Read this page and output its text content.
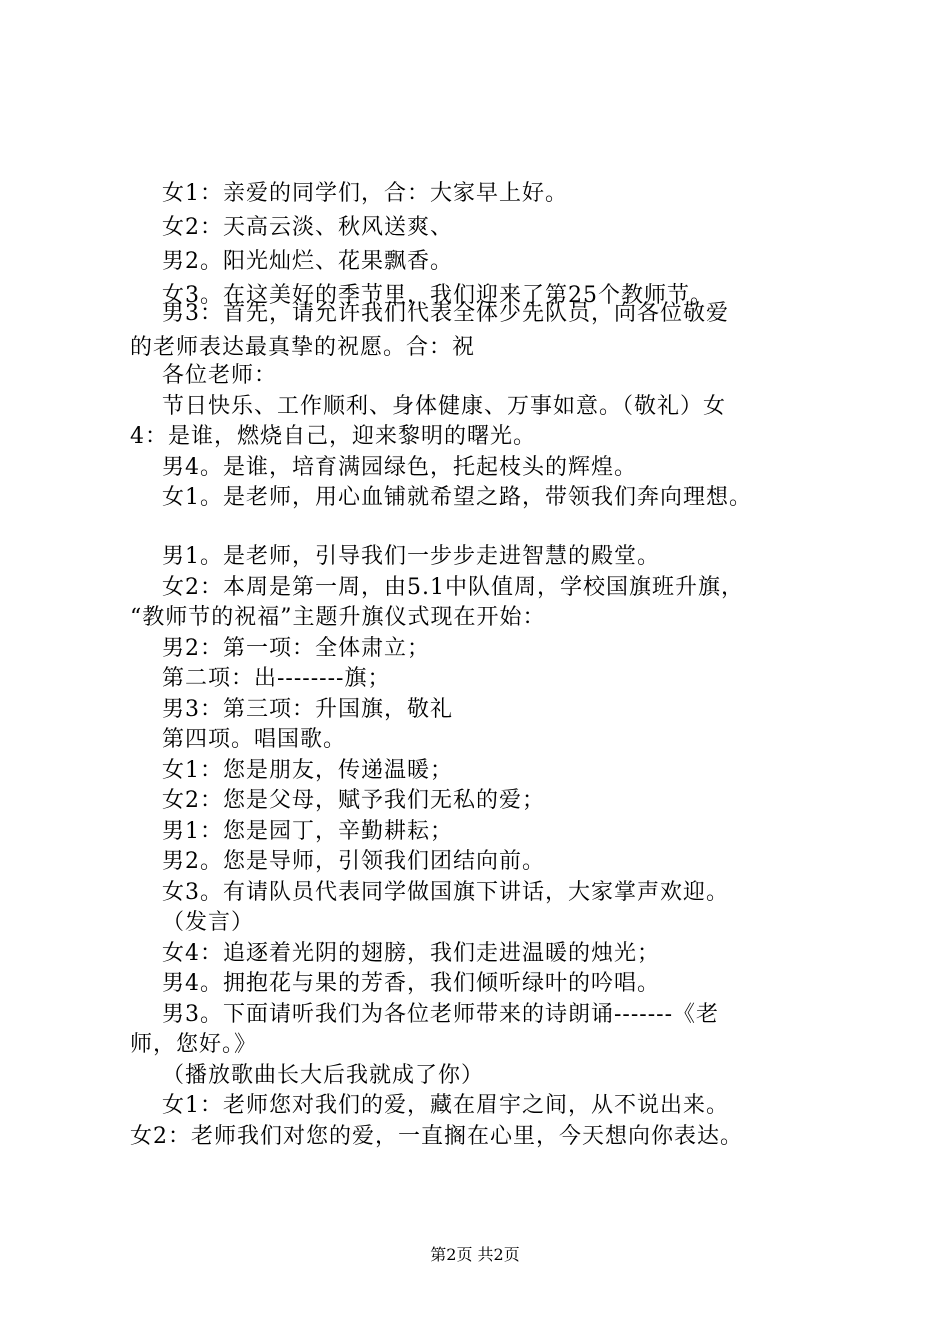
女1：亲爱的同学们，合：大家早上好。
女2：天高云淡、秋风送爽、
男2。阳光灿烂、花果飘香。
女3。在这美好的季节里，我们迎来了第25个教师节。
男3：首先，请允许我们代表全体少先队员，向各位敬爱
的老师表达最真挚的祝愿。合：祝
各位老师：
节日快乐、工作顺利、身体健康、万事如意。（敬礼）女
4：是谁，燃烧自己，迎来黎明的曙光。
男4。是谁，培育满园绿色，托起枝头的辉煌。
女1。是老师，用心血铺就希望之路，带领我们奔向理想。
男1。是老师，引导我们一步步走进智慧的殿堂。
女2：本周是第一周，由5.1中队值周，学校国旗班升旗，
“教师节的祝福”主题升旗仪式现在开始：
男2：第一项：全体肃立；
第二项：出--------旗；
男3：第三项：升国旗，敬礼
第四项。唱国歌。
女1：您是朋友，传递温暖；
女2：您是父母，赋予我们无私的爱；
男1：您是园丁，辛勤耕耘；
男2。您是导师，引领我们团结向前。
女3。有请队员代表同学做国旗下讲话，大家掌声欢迎。
（发言）
女4：追逐着光阴的翅膀，我们走进温暖的烛光；
男4。拥抱花与果的芳香，我们倾听绿叶的吟唱。
男3。下面请听我们为各位老师带来的诗朗诵-------《老
师，您好。》
（播放歌曲长大后我就成了你）
女1：老师您对我们的爱，藏在眉宇之间，从不说出来。
女2：老师我们对您的爱，一直搁在心里，今天想向你表达。
第2页 共2页
